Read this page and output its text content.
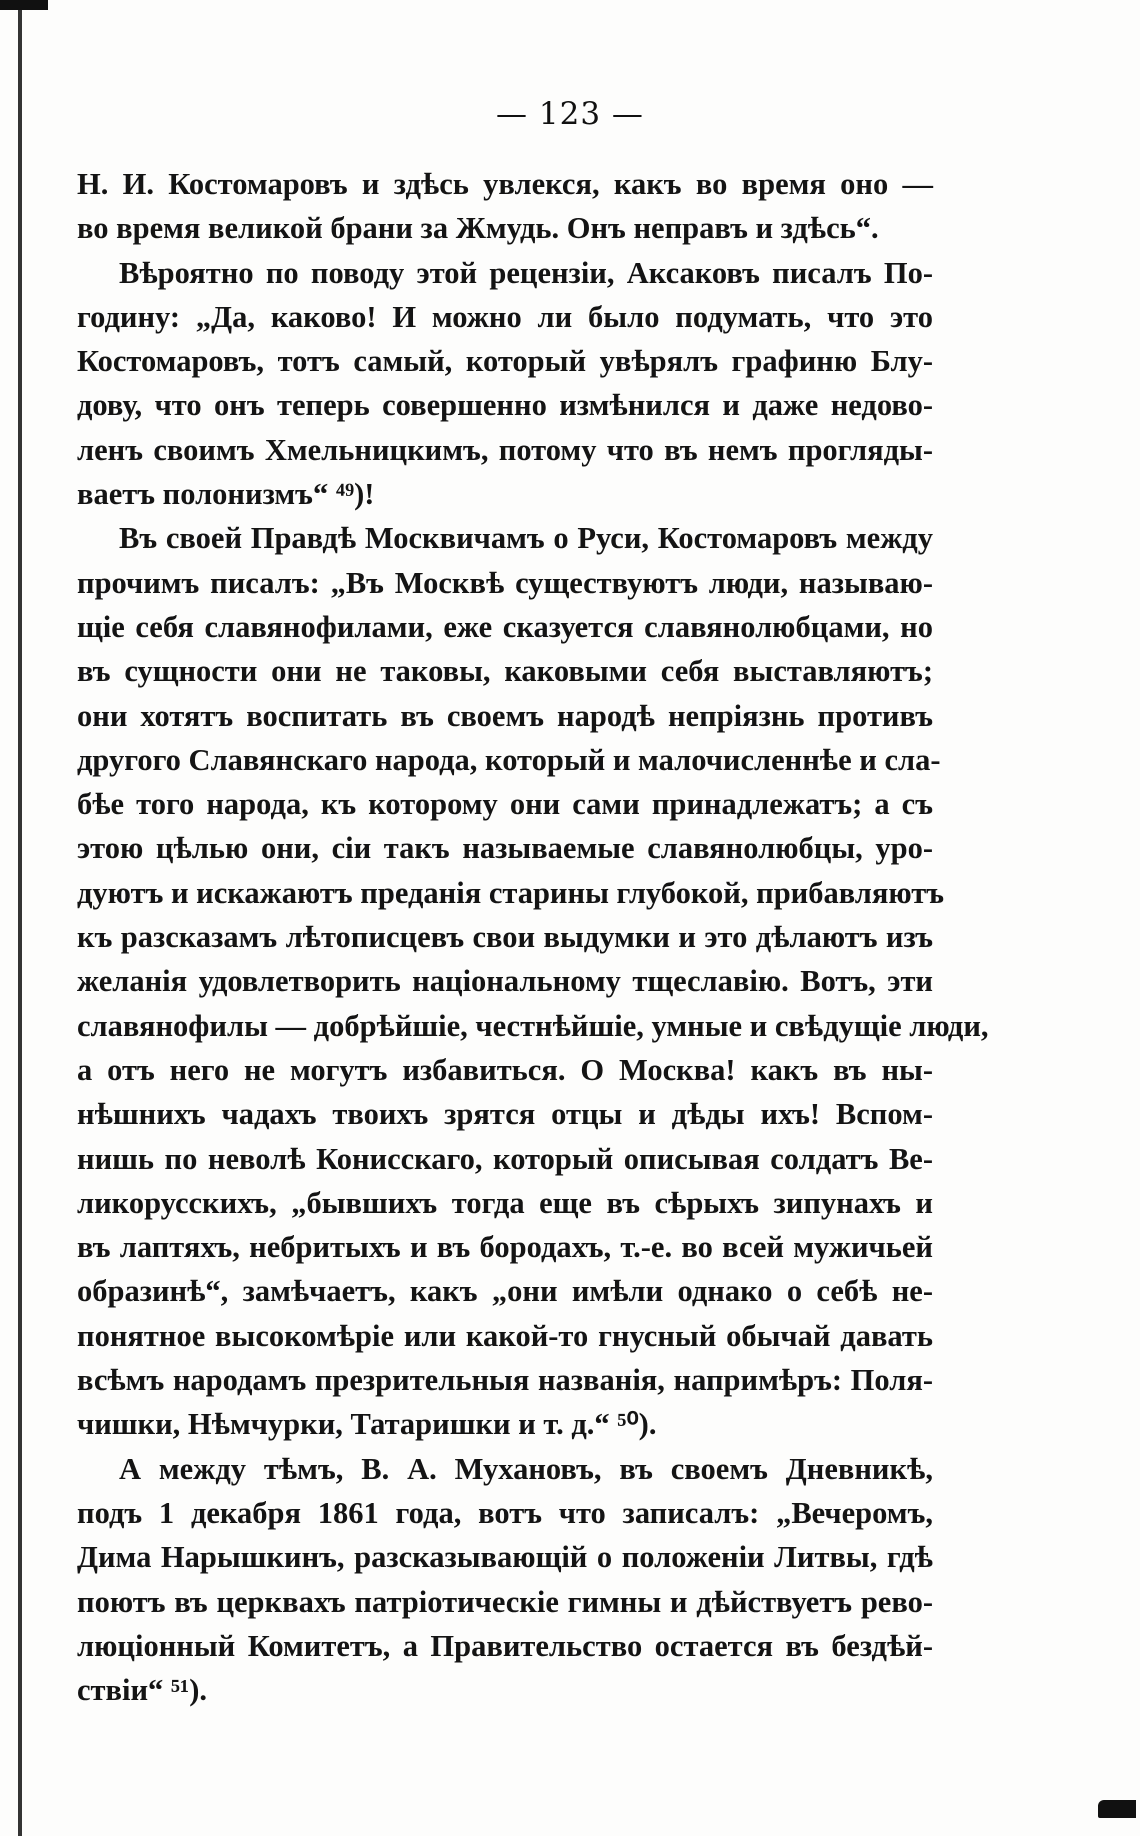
— 123 —

Н. И. Костомаровъ и здѣсь увлекся, какъ во время оно —
во время великой брани за Жмудь. Онъ неправъ и здѣсь“.

Вѣроятно по поводу этой рецензіи, Аксаковъ писалъ По-
годину: „Да, каково! И можно ли было подумать, что это
Костомаровъ, тотъ самый, который увѣрялъ графиню Блу-
дову, что онъ теперь совершенно измѣнился и даже недово-
ленъ своимъ Хмельницкимъ, потому что въ немъ прогляды-
ваетъ полонизмъ“ ⁴⁹)!

Въ своей Правдѣ Москвичамъ о Руси, Костомаровъ между
прочимъ писалъ: „Въ Москвѣ существуютъ люди, называю-
щіе себя славянофилами, еже сказуется славянолюбцами, но
въ сущности они не таковы, каковыми себя выставляютъ;
они хотятъ воспитать въ своемъ народѣ непріязнь противъ
другого Славянскаго народа, который и малочисленнѣе и сла-
бѣе того народа, къ которому они сами принадлежатъ; а съ
этою цѣлью они, сіи такъ называемые славянолюбцы, уро-
дуютъ и искажаютъ преданія старины глубокой, прибавляютъ
къ разсказамъ лѣтописцевъ свои выдумки и это дѣлаютъ изъ
желанія удовлетворить національному тщеславію. Вотъ, эти
славянофилы — добрѣйшіе, честнѣйшіе, умные и свѣдущіе люди,
а отъ него не могутъ избавиться. О Москва! какъ въ ны-
нѣшнихъ чадахъ твоихъ зрятся отцы и дѣды ихъ! Вспом-
нишь по неволѣ Конисскаго, который описывая солдатъ Ве-
ликорусскихъ, „бывшихъ тогда еще въ сѣрыхъ зипунахъ и
въ лаптяхъ, небритыхъ и въ бородахъ, т.-е. во всей мужичьей
образинѣ“, замѣчаетъ, какъ „они имѣли однако о себѣ не-
понятное высокомѣріе или какой-то гнусный обычай давать
всѣмъ народамъ презрительныя названія, напримѣръ: Поля-
чишки, Нѣмчурки, Татаришки и т. д.“ ⁵⁰).

А между тѣмъ, В. А. Мухановъ, въ своемъ Дневникѣ,
подъ 1 декабря 1861 года, вотъ что записалъ: „Вечеромъ,
Дима Нарышкинъ, разсказывающій о положеніи Литвы, гдѣ
поютъ въ церквахъ патріотическіе гимны и дѣйствуетъ рево-
люціонный Комитетъ, а Правительство остается въ бездѣй-
ствіи“ ⁵¹).
